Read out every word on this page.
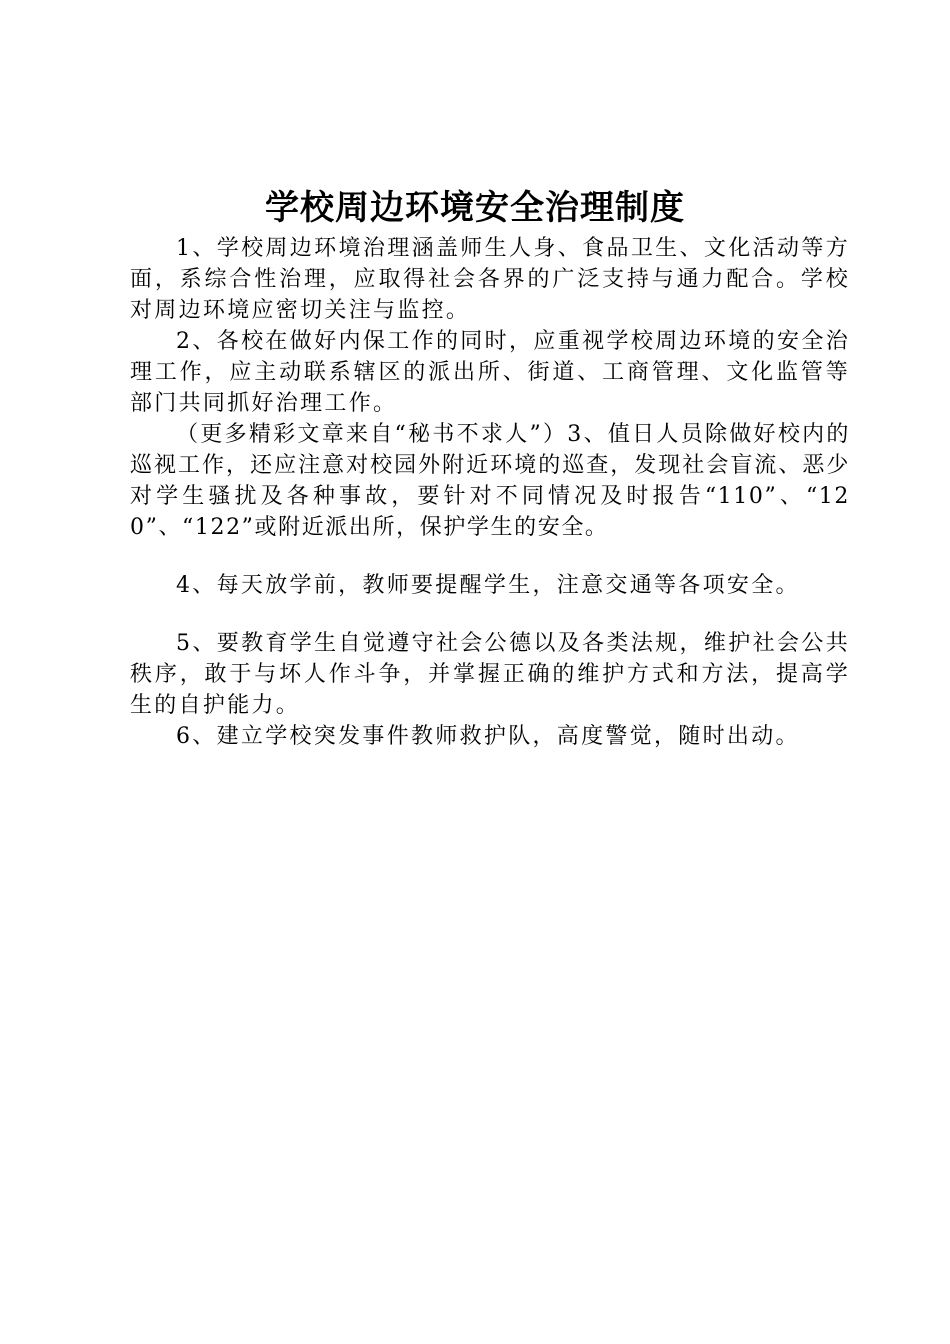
学校周边环境安全治理制度

1、学校周边环境治理涵盖师生人身、食品卫生、文化活动等方面，系综合性治理，应取得社会各界的广泛支持与通力配合。学校对周边环境应密切关注与监控。

2、各校在做好内保工作的同时，应重视学校周边环境的安全治理工作，应主动联系辖区的派出所、街道、工商管理、文化监管等部门共同抓好治理工作。

（更多精彩文章来自“秘书不求人”）3、值日人员除做好校内的巡视工作，还应注意对校园外附近环境的巡查，发现社会盲流、恶少对学生骚扰及各种事故，要针对不同情况及时报告“110”、“120”、“122”或附近派出所，保护学生的安全。

4、每天放学前，教师要提醒学生，注意交通等各项安全。

5、要教育学生自觉遵守社会公德以及各类法规，维护社会公共秩序，敢于与坏人作斗争，并掌握正确的维护方式和方法，提高学生的自护能力。

6、建立学校突发事件教师救护队，高度警觉，随时出动。
